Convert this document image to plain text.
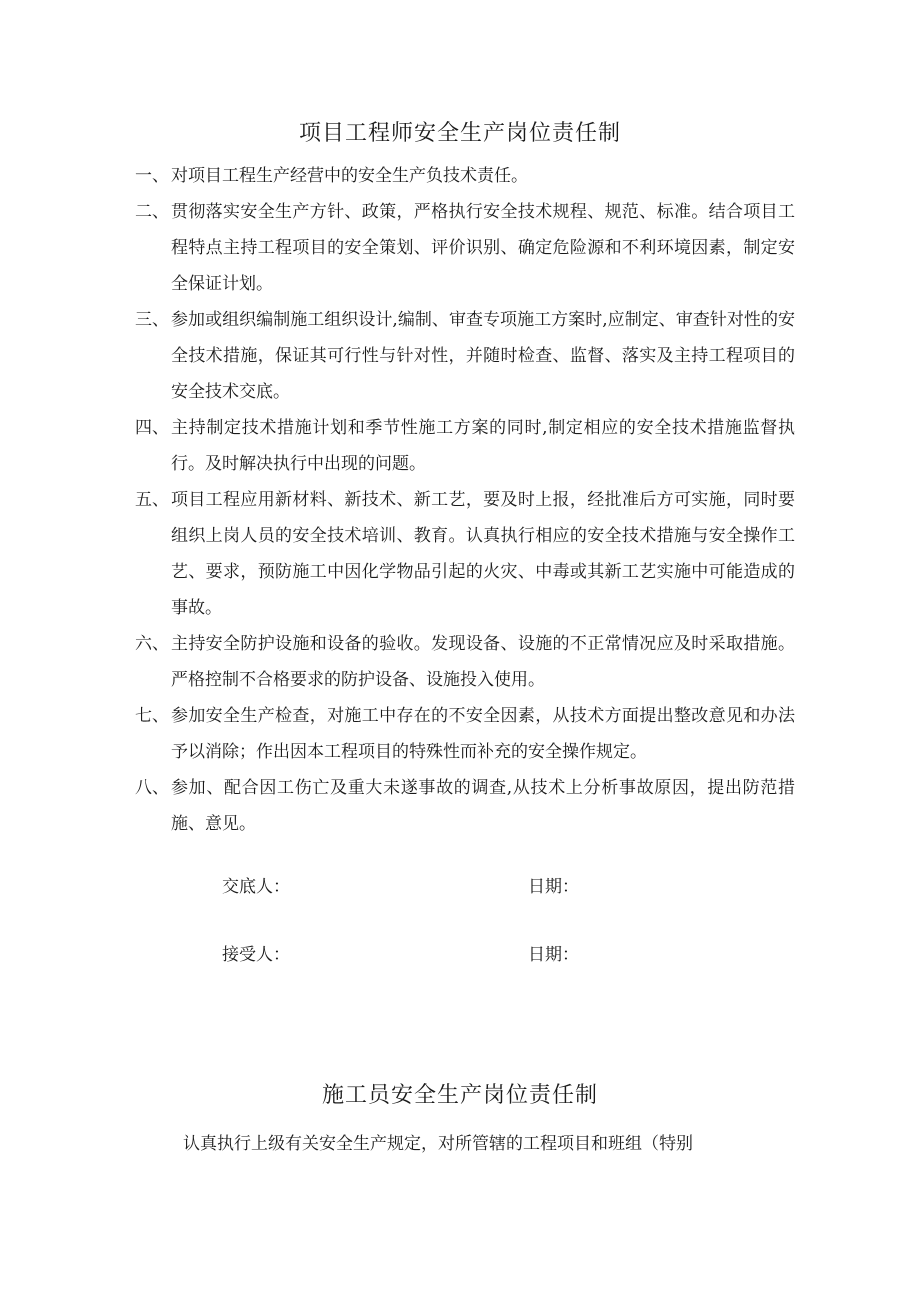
项目工程师安全生产岗位责任制
一、 对项目工程生产经营中的安全生产负技术责任。
二、 贯彻落实安全生产方针、政策，严格执行安全技术规程、规范、标准。结合项目工程特点主持工程项目的安全策划、评价识别、确定危险源和不利环境因素，制定安全保证计划。
三、 参加或组织编制施工组织设计,编制、审查专项施工方案时,应制定、审查针对性的安全技术措施，保证其可行性与针对性，并随时检查、监督、落实及主持工程项目的安全技术交底。
四、 主持制定技术措施计划和季节性施工方案的同时,制定相应的安全技术措施监督执行。及时解决执行中出现的问题。
五、 项目工程应用新材料、新技术、新工艺，要及时上报，经批准后方可实施，同时要组织上岗人员的安全技术培训、教育。认真执行相应的安全技术措施与安全操作工艺、要求，预防施工中因化学物品引起的火灾、中毒或其新工艺实施中可能造成的事故。
六、 主持安全防护设施和设备的验收。发现设备、设施的不正常情况应及时采取措施。严格控制不合格要求的防护设备、设施投入使用。
七、 参加安全生产检查，对施工中存在的不安全因素，从技术方面提出整改意见和办法予以消除；作出因本工程项目的特殊性而补充的安全操作规定。
八、 参加、配合因工伤亡及重大未遂事故的调查,从技术上分析事故原因，提出防范措施、意见。
交底人：	日期：
接受人：	日期：
施工员安全生产岗位责任制
认真执行上级有关安全生产规定，对所管辖的工程项目和班组（特别
